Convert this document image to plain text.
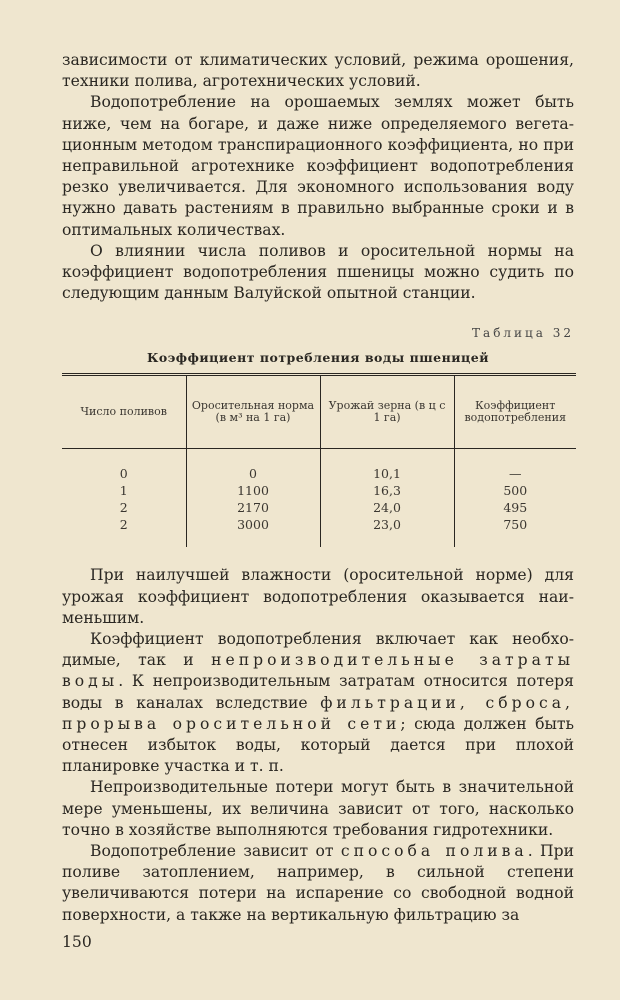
зависимости от климатических условий, режима орошения, техники полива, агротехнических условий.

Водопотребление на орошаемых землях может быть ниже, чем на богаре, и даже ниже определяемого вегетационным методом транспирационного коэффициента, но при неправильной агротехнике коэффициент водопотребления резко увеличивается. Для экономного использования воду нужно давать растениям в правильно выбранные сроки и в оптимальных количествах.

О влиянии числа поливов и оросительной нормы на коэффициент водопотребления пшеницы можно судить по следующим данным Валуйской опытной станции.

Таблица 32
Коэффициент потребления воды пшеницей
Число поливов	Оросительная норма (в м³ на 1 га)	Урожай зерна (в ц с 1 га)	Коэффициент водопотребления
0	0	10,1	—
1	1100	16,3	500
2	2170	24,0	495
2	3000	23,0	750

При наилучшей влажности (оросительной норме) для урожая коэффициент водопотребления оказывается наименьшим.

Коэффициент водопотребления включает как необходимые, так и непроизводительные затраты воды. К непроизводительным затратам относится потеря воды в каналах вследствие фильтрации, сброса, прорыва оросительной сети; сюда должен быть отнесен избыток воды, который дается при плохой планировке участка и т. п.

Непроизводительные потери могут быть в значительной мере уменьшены, их величина зависит от того, насколько точно в хозяйстве выполняются требования гидротехники.

Водопотребление зависит от способа полива. При поливе затоплением, например, в сильной степени увеличиваются потери на испарение со свободной водной поверхности, а также на вертикальную фильтрацию за

150
